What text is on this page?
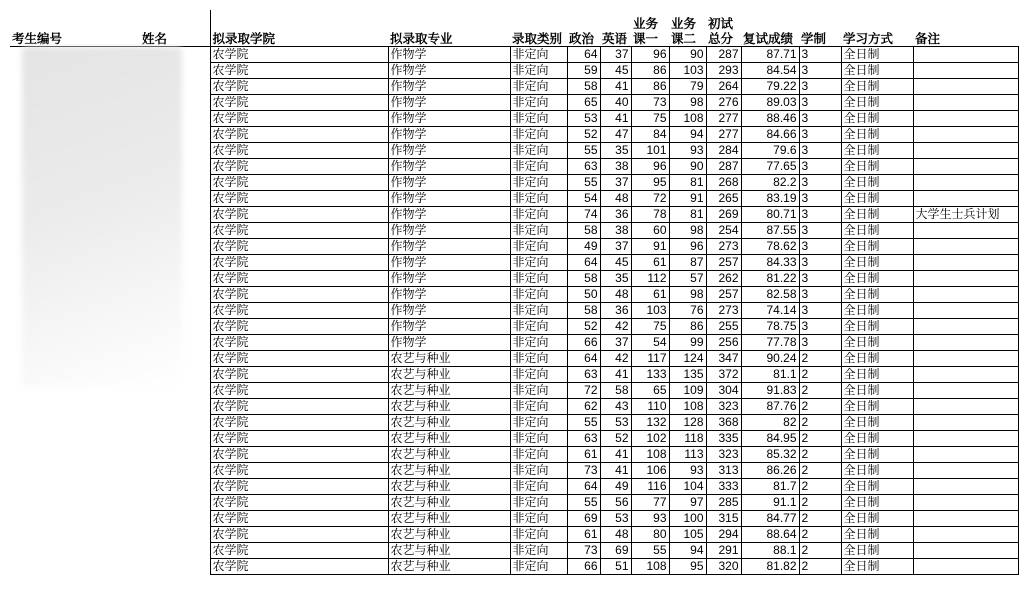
考生编号	姓名	拟录取学院	拟录取专业	录取类别	政治	英语	业务课一	业务课二	初试总分	复试成绩	学制	学习方式	备注
		农学院	作物学	非定向	64	37	96	90	287	87.71	3	全日制	
		农学院	作物学	非定向	59	45	86	103	293	84.54	3	全日制	
		农学院	作物学	非定向	58	41	86	79	264	79.22	3	全日制	
		农学院	作物学	非定向	65	40	73	98	276	89.03	3	全日制	
		农学院	作物学	非定向	53	41	75	108	277	88.46	3	全日制	
		农学院	作物学	非定向	52	47	84	94	277	84.66	3	全日制	
		农学院	作物学	非定向	55	35	101	93	284	79.6	3	全日制	
		农学院	作物学	非定向	63	38	96	90	287	77.65	3	全日制	
		农学院	作物学	非定向	55	37	95	81	268	82.2	3	全日制	
		农学院	作物学	非定向	54	48	72	91	265	83.19	3	全日制	
		农学院	作物学	非定向	74	36	78	81	269	80.71	3	全日制	大学生士兵计划
		农学院	作物学	非定向	58	38	60	98	254	87.55	3	全日制	
		农学院	作物学	非定向	49	37	91	96	273	78.62	3	全日制	
		农学院	作物学	非定向	64	45	61	87	257	84.33	3	全日制	
		农学院	作物学	非定向	58	35	112	57	262	81.22	3	全日制	
		农学院	作物学	非定向	50	48	61	98	257	82.58	3	全日制	
		农学院	作物学	非定向	58	36	103	76	273	74.14	3	全日制	
		农学院	作物学	非定向	52	42	75	86	255	78.75	3	全日制	
		农学院	作物学	非定向	66	37	54	99	256	77.78	3	全日制	
		农学院	农艺与种业	非定向	64	42	117	124	347	90.24	2	全日制	
		农学院	农艺与种业	非定向	63	41	133	135	372	81.1	2	全日制	
		农学院	农艺与种业	非定向	72	58	65	109	304	91.83	2	全日制	
		农学院	农艺与种业	非定向	62	43	110	108	323	87.76	2	全日制	
		农学院	农艺与种业	非定向	55	53	132	128	368	82	2	全日制	
		农学院	农艺与种业	非定向	63	52	102	118	335	84.95	2	全日制	
		农学院	农艺与种业	非定向	61	41	108	113	323	85.32	2	全日制	
		农学院	农艺与种业	非定向	73	41	106	93	313	86.26	2	全日制	
		农学院	农艺与种业	非定向	64	49	116	104	333	81.7	2	全日制	
		农学院	农艺与种业	非定向	55	56	77	97	285	91.1	2	全日制	
		农学院	农艺与种业	非定向	69	53	93	100	315	84.77	2	全日制	
		农学院	农艺与种业	非定向	61	48	80	105	294	88.64	2	全日制	
		农学院	农艺与种业	非定向	73	69	55	94	291	88.1	2	全日制	
		农学院	农艺与种业	非定向	66	51	108	95	320	81.82	2	全日制	
